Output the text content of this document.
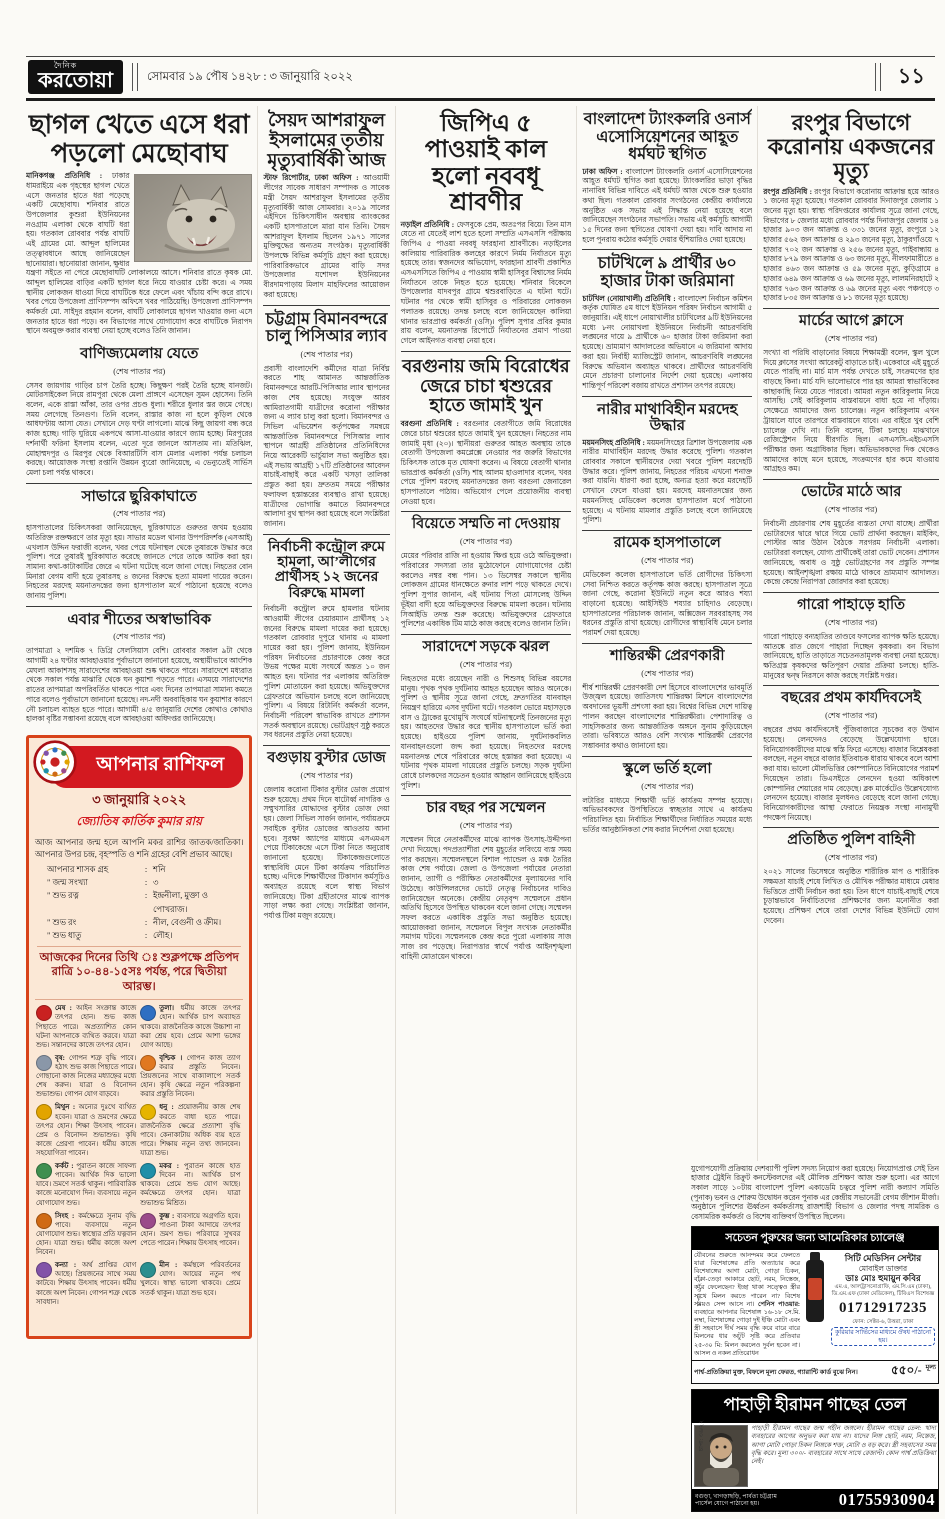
দৈনিক
করতোয়া	সোমবার ১৯ পৌষ ১৪২৮ : ৩ জানুয়ারি ২০২২	১১
ছাগল খেতে এসে ধরা পড়লো মেছোবাঘ
মানিকগঞ্জ প্রতিনিধি : ঢাকার ধামরাইয়ে এক গৃহস্থের ছাগল খেতে এসে জনতার হাতে ধরা পড়েছে একটি মেছোবাঘ। শনিবার রাতে উপজেলার কুশুরা ইউনিয়নের নওগ্রাম এলাকা থেকে বাঘটি ধরা হয়। গতকাল রোববার পর্যন্ত বাঘটি এই গ্রামের মো. আব্দুল হালিমের তত্ত্বাবধানে আছে জানিয়েছেন ছানোয়ারা। ছানোয়ারা জানান, ক্ষুধার যন্ত্রণা সইতে না পেরে মেছোবাঘটি লোকালয়ে আসে। শনিবার রাতে কৃষক মো. আব্দুল হালিমের বাড়ির একটি ছাগল ধরে নিয়ে যাওয়ার চেষ্টা করে। এ সময় স্থানীয় লোকজন ধাওয়া দিয়ে বাঘটিকে ধরে ফেলে এবং খাঁচায় বন্দি করে রাখে। খবর পেয়ে উপজেলা প্রাণিসম্পদ অফিসে খবর পাঠিয়েছি। উপজেলা প্রাণিসম্পদ কর্মকর্তা মো. সাইদুর রহমান বলেন, বাঘটি লোকালয়ে ছাগল খাওয়ার জন্য এসে জনতার হাতে ধরা পড়ে। বন বিভাগের সাথে যোগাযোগ করে বাঘটিকে নিরাপদ স্থানে অবমুক্ত করার ব্যবস্থা নেয়া হচ্ছে বলেও তিনি জানান।
বাণিজ্যমেলায় যেতে
(শেষ পাতার পর)
সেসব জায়গায় গাড়ির চাপ তৈরি হচ্ছে। কিছুক্ষণ পরই তৈরি হচ্ছে যানজট। মোটরসাইকেল নিয়ে রামপুরা থেকে মেলা প্রাঙ্গণে এসেছেন সুমন হোসেন। তিনি বলেন, একে রাস্তা আঁকা, তার ওপর প্রচণ্ড ধুলা। শরীরে ধুলার স্তর জমে গেছে। সময় লেগেছে তিনগুণ। তিনি বলেন, রাস্তার কাজ না হলে কুড়িল থেকে আধঘণ্টায় আসা যেত। সেখানে দেড় ঘণ্টা লাগলো। মাঝে কিছু জায়গা বন্ধ করে কাজ হচ্ছে। গাড়ি ঘুরিয়ে একপথে আসা-যাওয়ার কারণে জ্যাম হচ্ছে। মিরপুরের দর্শনার্থী ফরিনা ইসলাম বলেন, এতো দূরে জানলে আসতাম না। মতিঝিল, মোহাম্মদপুর ও মিরপুর থেকে বিআরটিসি বাস মেলার এলাকা পর্যন্ত চলাচল করছে। আয়োজক সংস্থা রপ্তানি উন্নয়ন ব্যুরো জানিয়েছে, এ ভেন্যুতেই সার্ভিস মেলা চলা পর্যন্ত থাকবে।
সাভারে ছুরিকাঘাতে
(শেষ পাতার পর)
হাসপাতালের চিকিৎসকরা জানিয়েছেন, ছুরিকাঘাতে গুরুতর জখম হওয়ায় অতিরিক্ত রক্তক্ষরণে তার মৃত্যু হয়। সাভার মডেল থানার উপপরিদর্শক (এসআই) এখলাস উদ্দিন ফরাজী বলেন, খবর পেয়ে ঘটনাস্থল থেকে তুষারকে উদ্ধার করে পুলিশ। পরে তুষারই ছুরিকাঘাত করেছে জানতে পেরে তাকে আটক করা হয়। সামান্য কথা-কাটাকাটির জেরে এ ঘটনা ঘটেছে বলে জানা গেছে। নিহতের বোন মিনারা বেগম বাদী হয়ে তুষারসহ ৪ জনের বিরুদ্ধে হত্যা মামলা দায়ের করেন। নিহতের মরদেহ ময়নাতদন্তের জন্য হাসপাতাল মর্গে পাঠানো হয়েছে বলেও জানায় পুলিশ।
এবার শীতের অস্বাভাবিক
(শেষ পাতার পর)
তাপমাত্রা ২ দশমিক ৭ ডিগ্রি সেলসিয়াস বেশি। রোববার সকাল ৯টা থেকে আগামী ২৪ ঘণ্টার আবহাওয়ার পূর্বাভাসে জানানো হয়েছে, অস্থায়ীভাবে আংশিক মেঘলা আকাশসহ সারাদেশের আবহাওয়া শুষ্ক থাকতে পারে। সারাদেশে মধ্যরাত থেকে সকাল পর্যন্ত মাঝারি থেকে ঘন কুয়াশা পড়তে পারে। এসময়ে সারাদেশের রাতের তাপমাত্রা অপরিবর্তিত থাকতে পারে এবং দিনের তাপমাত্রা সামান্য কমতে পারে বলেও পূর্বাভাসে জানানো হয়েছে। নদ-নদী অববাহিকায় ঘন কুয়াশার কারণে নৌ চলাচল ব্যাহত হতে পারে। আগামী ৪/৫ জানুয়ারি দেশের কোথাও কোথাও হালকা বৃষ্টির সম্ভাবনা রয়েছে বলে আবহাওয়া অধিদপ্তর জানিয়েছে।
আপনার রাশিফল
৩ জানুয়ারি ২০২২
জ্যোতিষ কার্তিক কুমার রায়
আজ আপনার জন্ম হলে আপনি মকর রাশির জাতক/জাতিকা। আপনার উপর চন্দ্র, বৃহস্পতি ও শনি গ্রহের বেশি প্রভাব আছে।
আপনার শাসক গ্রহ	: শনি
" জন্ম সংখ্যা	: ৩
" শুভ রত্ন	: ইন্দ্রনীলা, মুক্তা ও পোখরাজ।
" শুভ রং	: নীল, বেগুনী ও ক্রীম।
" শুভ ধাতু	: লৌহ।
আজকের দিনের তিথি ঃ শুক্লপক্ষে প্রতিপদ রাত্রি ১০-৪৪-১৫সঃ পর্যন্ত, পরে দ্বিতীয়া আরম্ভ।
মেষ : আইন সংক্রান্ত কাজে তৎপর হোন। শুভ কাজ পিছাতে পারে। অপ্রত্যাশিত কোন ঘটনা আপনাকে ব্যথিত করবে। যাত্রা শুভ। সন্তানদের কাজে তৎপর হোন।
তুলা। ধর্মীয় কাজে তৎপর হোন। আর্থিক চাপ অব্যাহত থাকবে। রাজনৈতিক কাজে উচ্চাশা না করা শ্রেয় হবে। প্রেমে আশা ভঙ্গের যোগ আছে।
বৃষ: গোপন শত্রু বৃদ্ধি পাবে। হঠাৎ শুভ কাজ পিছাতে পারে। গোছানো কাজ নিজের মধ্যাহ্নের মধ্যে শেষ করুন। যাত্রা ও বিনোদন শুভাশুভ। গোপন যোগ বাড়বে।
বৃশ্চিক । গোপন কাজ ত্যাগ করার প্রস্তুতি নিবেন। প্রিয়জনের সাথে বাক্যালাপে সতর্ক হোন। কৃষি ক্ষেত্রে নতুন পরিকল্পনা করার প্রস্তুতি নিবেন।
মিথুন : অন্যের দুঃখে ব্যথিত হবেন। যাত্রা ও ভ্রমণের ক্ষেত্রে তৎপর হোন। শিক্ষা উৎসাহ পাবেন। প্রেম ও বিনোদন শুভাশুভ। কৃষি কাজে প্রেরণা পাবেন। ধর্মীয় কাজে সহযোগিতা পাবেন।
ধনু : প্রয়োজনীয় কাজ শেষ করতে বাধা হতে পারে। রাজনৈতিক ক্ষেত্রে প্রত্যাশা বৃদ্ধি পাবে। কেনাকাটায় অধিক ব্যয় হতে পারে। শিক্ষায় নতুন তথ্য জানবেন। যাত্রা শুভ।
কর্কট : পুরাতন কাজে সাফল্য পাবেন। আর্থিক দিক ভালো যাবে। ভ্রমণে সতর্ক থাকুন। পারিবারিক কাজে মনোযোগ দিন। ব্যবসায়ে নতুন যোগাযোগ শুভ।
মকর : পুরাতন কাজে হাত দিবেন না। আর্থিক চাপ থাকবে। প্রেমে শুভ যোগ আছে। কর্মক্ষেত্রে তৎপর হোন। যাত্রা শুভাশুভ মিশ্রিত।
সিংহ : কর্মক্ষেত্রে সুনাম বৃদ্ধি পাবে। ব্যবসায়ে নতুন যোগাযোগ শুভ। স্বাস্থ্যের প্রতি যত্নবান হোন। যাত্রা শুভ। ধর্মীয় কাজে অংশ নিবেন।
কুম্ভ : ব্যবসায়ে অগ্রগতি হবে। পাওনা টাকা আদায়ে তৎপর হোন। ভ্রমণ শুভ। পরিবারে সুখবর পেতে পারেন। শিক্ষায় উৎসাহ পাবেন।
কন্যা : অর্থ প্রাপ্তির যোগ আছে। প্রিয়জনের সাথে সময় কাটবে। শিক্ষায় উৎসাহ পাবেন। ধর্মীয় কাজে অংশ নিবেন। গোপন শত্রু থেকে সাবধান।
মীন : কর্মস্থলে পরিবর্তনের যোগ। আয়ের নতুন পথ খুলবে। স্বাস্থ্য ভালো থাকবে। প্রেমে সতর্ক থাকুন। যাত্রা শুভ হবে।
সৈয়দ আশরাফুল ইসলামের তৃতীয় মৃত্যুবার্ষিকী আজ
স্টাফ রিপোর্টার, ঢাকা অফিস : আওয়ামী লীগের সাবেক সাধারণ সম্পাদক ও সাবেক মন্ত্রী সৈয়দ আশরাফুল ইসলামের তৃতীয় মৃত্যুবার্ষিকী আজ সোমবার। ২০১৯ সালের এইদিনে চিকিৎসাধীন অবস্থায় ব্যাংককের একটি হাসপাতালে মারা যান তিনি। সৈয়দ আশরাফুল ইসলাম ছিলেন ১৯৭১ সালের মুক্তিযুদ্ধের অন্যতম সংগঠক। মৃত্যুবার্ষিকী উপলক্ষে বিভিন্ন কর্মসূচি গ্রহণ করা হয়েছে। পারিবারিকভাবে গ্রামের বাড়ি সদর উপজেলার যশোদল ইউনিয়নের বীরদামপাড়ায় মিলাদ মাহফিলের আয়োজন করা হয়েছে।
চট্টগ্রাম বিমানবন্দরে চালু পিসিআর ল্যাব
(শেষ পাতার পর)
প্রবাসী বাংলাদেশি কর্মীদের যাত্রা নির্বিঘ্ন করতে শাহ আমানত আন্তর্জাতিক বিমানবন্দরে আরটি-পিসিআর ল্যাব স্থাপনের কাজ শেষ হয়েছে। সংযুক্ত আরব আমিরাতগামী যাত্রীদের করোনা পরীক্ষার জন্য এ ল্যাব চালু করা হলো। বিমানবন্দর ও সিভিল এভিয়েশন কর্তৃপক্ষের সমন্বয়ে আন্তর্জাতিক বিমানবন্দরে পিসিআর ল্যাব স্থাপনে আগ্রহী প্রতিষ্ঠানের প্রতিনিধিদের নিয়ে আরেকটি ভার্চুয়াল সভা অনুষ্ঠিত হয়। এই সভায় আগ্রহী ১৭টি প্রতিষ্ঠানের আবেদন যাচাই-বাছাই করে একটি খসড়া তালিকা প্রস্তুত করা হয়। দ্রুততম সময়ে পরীক্ষার ফলাফল হস্তান্তরের ব্যবস্থাও রাখা হয়েছে। যাত্রীদের ভোগান্তি কমাতে বিমানবন্দরে আলাদা বুথ স্থাপন করা হয়েছে বলে সংশ্লিষ্টরা জানান।
নির্বাচনী কন্ট্রোল রুমে হামলা, আ’লীগের প্রার্থীসহ ১২ জনের বিরুদ্ধে মামলা
নির্বাচনী কন্ট্রোল রুমে হামলার ঘটনায় আওয়ামী লীগের চেয়ারম্যান প্রার্থীসহ ১২ জনের বিরুদ্ধে মামলা দায়ের করা হয়েছে। গতকাল রোববার দুপুরে থানায় এ মামলা দায়ের করা হয়। পুলিশ জানায়, ইউনিয়ন পরিষদ নির্বাচনের প্রচারণাকে কেন্দ্র করে উভয় পক্ষের মধ্যে সংঘর্ষে অন্তত ১০ জন আহত হন। ঘটনার পর এলাকায় অতিরিক্ত পুলিশ মোতায়েন করা হয়েছে। অভিযুক্তদের গ্রেফতারে অভিযান চলছে বলে জানিয়েছে পুলিশ। এ বিষয়ে রিটার্নিং কর্মকর্তা বলেন, নির্বাচনী পরিবেশ স্বাভাবিক রাখতে প্রশাসন সতর্ক অবস্থানে রয়েছে। ভোটগ্রহণ সুষ্ঠু করতে সব ধরনের প্রস্তুতি নেয়া হয়েছে।
বগুড়ায় বুস্টার ডোজ
(শেষ পাতার পর)
জেলায় করোনা টিকার বুস্টার ডোজ প্রয়োগ শুরু হয়েছে। প্রথম দিনে ষাটোর্ধ্ব নাগরিক ও সম্মুখসারির যোদ্ধাদের বুস্টার ডোজ দেয়া হয়। জেলা সিভিল সার্জন জানান, পর্যায়ক্রমে সবাইকে বুস্টার ডোজের আওতায় আনা হবে। সুরক্ষা অ্যাপের মাধ্যমে এসএমএস পেয়ে টিকাকেন্দ্রে এসে টিকা নিতে অনুরোধ জানানো হয়েছে। টিকাকেন্দ্রগুলোতে স্বাস্থ্যবিধি মেনে টিকা কার্যক্রম পরিচালিত হচ্ছে। এদিকে শিক্ষার্থীদের টিকাদান কর্মসূচিও অব্যাহত রয়েছে বলে স্বাস্থ্য বিভাগ জানিয়েছে। টিকা গ্রহীতাদের মাঝে ব্যাপক সাড়া লক্ষ্য করা গেছে। সংশ্লিষ্টরা জানান, পর্যাপ্ত টিকা মজুদ রয়েছে।
জিপিএ ৫ পাওয়াই কাল হলো নববধূ শ্রাবণীর
নড়াইল প্রতিনিধি : ফেসবুকে প্রেম, অতঃপর বিয়ে। তিন মাস যেতে না যেতেই লাশ হতে হলো সম্প্রতি এসএসসি পরীক্ষায় জিপিএ ৫ পাওয়া নববধূ ফারহানা শ্রাবণীকে। নড়াইলের কালিয়ায় পারিবারিক কলহের কারণে নির্মম নির্যাতনে মৃত্যু হয়েছে তার। স্বজনদের অভিযোগ, ফারহানা শ্রাবণী প্রকাশিত এসএসসিতে জিপিএ ৫ পাওয়ায় স্বামী হাসিবুর বিশ্বাসের নির্মম নির্যাতনে তাকে নিহত হতে হয়েছে। শনিবার বিকেলে উপজেলার যাদবপুর গ্রামে শ্বশুরবাড়িতে এ ঘটনা ঘটে। ঘটনার পর থেকে স্বামী হাসিবুর ও পরিবারের লোকজন পলাতক রয়েছে। তদন্ত চলছে বলে জানিয়েছেন কালিয়া থানার ভারপ্রাপ্ত কর্মকর্তা (ওসি)। পুলিশ সুপার প্রবির কুমার রায় বলেন, ময়নাতদন্ত রিপোর্টে নির্যাতনের প্রমাণ পাওয়া গেলে আইনগত ব্যবস্থা নেয়া হবে।
বরগুনায় জমি বিরোধের জেরে চাচা শ্বশুরের হাতে জামাই খুন
বরগুনা প্রতিনিধি : বরগুনার বেতাগীতে জমি বিরোধের জেরে চাচা শ্বশুরের হাতে জামাই খুন হয়েছেন। নিহতের নাম জামাই মৃধা (২০)। স্থানীয়রা গুরুতর আহত অবস্থায় তাকে বেতাগী উপজেলা কমপ্লেক্সে নেওয়ার পর জরুরি বিভাগের চিকিৎসক তাকে মৃত ঘোষণা করেন। এ বিষয়ে বেতাগী থানার ভারপ্রাপ্ত কর্মকর্তা (ওসি) শাহ আলম হাওলাদার বলেন, খবর পেয়ে পুলিশ মরদেহ ময়নাতদন্তের জন্য বরগুনা জেনারেল হাসপাতালে পাঠায়। অভিযোগ পেলে প্রয়োজনীয় ব্যবস্থা নেওয়া হবে।
বিয়েতে সম্মতি না দেওয়ায়
(শেষ পাতার পর)
মেয়ের পরিবার রাজি না হওয়ায় ক্ষিপ্ত হয়ে ওঠে অভিযুক্তরা। পরিবারের সদস্যরা তার মুঠোফোনে যোগাযোগের চেষ্টা করলেও নম্বর বন্ধ পান। ১৩ ডিসেম্বর সকালে স্থানীয় লোকজন গ্রামের ধানক্ষেতে রুনার লাশ পড়ে থাকতে দেখে। পুলিশ সুপার জানান, এই ঘটনায় পিতা মোসলেহ উদ্দিন ভূঁইয়া বাদী হয়ে অভিযুক্তদের বিরুদ্ধে মামলা করেন। ঘটনায় সিআইডি তদন্ত শুরু করেছে। অভিযুক্তদের গ্রেফতারে পুলিশের একাধিক টিম মাঠে কাজ করছে বলেও জানান তিনি।
সারাদেশে সড়কে ঝরল
(শেষ পাতার পর)
নিহতদের মধ্যে রয়েছেন নারী ও শিশুসহ বিভিন্ন বয়সের মানুষ। পৃথক পৃথক দুর্ঘটনায় আহত হয়েছেন আরও অনেকে। পুলিশ ও স্থানীয় সূত্রে জানা গেছে, দ্রুতগতির যানবাহন নিয়ন্ত্রণ হারিয়ে এসব দুর্ঘটনা ঘটে। গতকাল ভোরে মহাসড়কে বাস ও ট্রাকের মুখোমুখি সংঘর্ষে ঘটনাস্থলেই তিনজনের মৃত্যু হয়। আহতদের উদ্ধার করে স্থানীয় হাসপাতালে ভর্তি করা হয়েছে। হাইওয়ে পুলিশ জানায়, দুর্ঘটনাকবলিত যানবাহনগুলো জব্দ করা হয়েছে। নিহতদের মরদেহ ময়নাতদন্ত শেষে পরিবারের কাছে হস্তান্তর করা হয়েছে। এ ঘটনায় পৃথক মামলা দায়েরের প্রস্তুতি চলছে। সড়ক দুর্ঘটনা রোধে চালকদের সচেতন হওয়ার আহ্বান জানিয়েছে হাইওয়ে পুলিশ।
চার বছর পর সম্মেলন
(শেষ পাতার পর)
সম্মেলন ঘিরে নেতাকর্মীদের মাঝে ব্যাপক উৎসাহ-উদ্দীপনা দেখা দিয়েছে। পদপ্রত্যাশীরা শেষ মুহূর্তের লবিংয়ে ব্যস্ত সময় পার করছেন। সম্মেলনস্থলে বিশাল প্যান্ডেল ও মঞ্চ তৈরির কাজ শেষ পর্যায়ে। জেলা ও উপজেলা পর্যায়ের নেতারা জানান, ত্যাগী ও পরীক্ষিত নেতাকর্মীদের মূল্যায়নের দাবি উঠেছে। কাউন্সিলরদের ভোটে নেতৃত্ব নির্বাচনের দাবিও জানিয়েছেন অনেকে। কেন্দ্রীয় নেতৃবৃন্দ সম্মেলনে প্রধান অতিথি হিসেবে উপস্থিত থাকবেন বলে জানা গেছে। সম্মেলন সফল করতে একাধিক প্রস্তুতি সভা অনুষ্ঠিত হয়েছে। আয়োজকরা জানান, সম্মেলনে বিপুল সংখ্যক নেতাকর্মীর সমাগম ঘটবে। সম্মেলনকে কেন্দ্র করে পুরো এলাকায় সাজ সাজ রব পড়েছে। নিরাপত্তার স্বার্থে পর্যাপ্ত আইনশৃঙ্খলা বাহিনী মোতায়েন থাকবে।
বাংলাদেশ ট্যাংকলরি ওনার্স এসোসিয়েশনের আহূত ধর্মঘট স্থগিত
ঢাকা অফিস : বাংলাদেশ ট্যাংকলরি ওনার্স এসোসিয়েশনের আহূত ধর্মঘট স্থগিত করা হয়েছে। ট্যাংকলরির ভাড়া বৃদ্ধির নানাবিধ বিভিন্ন দাবিতে এই ধর্মঘট আজ থেকে শুরু হওয়ার কথা ছিল। গতকাল রোববার সংগঠনের কেন্দ্রীয় কার্যালয়ে অনুষ্ঠিত এক সভায় এই সিদ্ধান্ত নেয়া হয়েছে বলে জানিয়েছেন সংগঠনের সভাপতি। সভায় এই কর্মসূচি আগামী ১৫ দিনের জন্য স্থগিতের ঘোষণা দেয়া হয়। দাবি আদায় না হলে পুনরায় কঠোর কর্মসূচি দেয়ার হুঁশিয়ারিও দেয়া হয়েছে।
চাটখিলে ৯ প্রার্থীর ৬০ হাজার টাকা জরিমানা
চাটখিল (নোয়াখালী) প্রতিনিধি : বাংলাদেশ নির্বাচন কমিশন কর্তৃক ঘোষিত ৫ম ধাপে ইউনিয়ন পরিষদ নির্বাচন আগামী ৫ জানুয়ারি। এই ধাপে নোয়াখালীর চাটখিলের ৯টি ইউনিয়নের মধ্যে ৮নং নোয়াখলা ইউনিয়নে নির্বাচনী আচরণবিধি লঙ্ঘনের দায়ে ৯ প্রার্থীকে ৬০ হাজার টাকা জরিমানা করা হয়েছে। ভ্রাম্যমাণ আদালতের অভিযানে এ জরিমানা আদায় করা হয়। নির্বাহী ম্যাজিস্ট্রেট জানান, আচরণবিধি লঙ্ঘনের বিরুদ্ধে অভিযান অব্যাহত থাকবে। প্রার্থীদের আচরণবিধি মেনে প্রচারণা চালানোর নির্দেশ দেয়া হয়েছে। এলাকায় শান্তিপূর্ণ পরিবেশ বজায় রাখতে প্রশাসন তৎপর রয়েছে।
নারীর মাথাবিহীন মরদেহ উদ্ধার
ময়মনসিংহ প্রতিনিধি : ময়মনসিংহের ত্রিশাল উপজেলায় এক নারীর মাথাবিহীন মরদেহ উদ্ধার করেছে পুলিশ। গতকাল রোববার সকালে স্থানীয়দের দেয়া খবরে পুলিশ মরদেহটি উদ্ধার করে। পুলিশ জানায়, নিহতের পরিচয় এখনো শনাক্ত করা যায়নি। ধারণা করা হচ্ছে, অন্যত্র হত্যা করে মরদেহটি সেখানে ফেলে যাওয়া হয়। মরদেহ ময়নাতদন্তের জন্য ময়মনসিংহ মেডিকেল কলেজ হাসপাতাল মর্গে পাঠানো হয়েছে। এ ঘটনায় মামলার প্রস্তুতি চলছে বলে জানিয়েছে পুলিশ।
রামেক হাসপাতালে
(শেষ পাতার পর)
মেডিকেল কলেজ হাসপাতালে ভর্তি রোগীদের চিকিৎসা সেবা নিশ্চিত করতে কর্তৃপক্ষ কাজ করছে। হাসপাতাল সূত্রে জানা গেছে, করোনা ইউনিটে নতুন করে আরও শয্যা বাড়ানো হয়েছে। আইসিইউ শয্যার চাহিদাও বেড়েছে। হাসপাতালের পরিচালক জানান, অক্সিজেন সরবরাহসহ সব ধরনের প্রস্তুতি রাখা হয়েছে। রোগীদের স্বাস্থ্যবিধি মেনে চলার পরামর্শ দেয়া হয়েছে।
শান্তিরক্ষী প্রেরণকারী
(শেষ পাতার পর)
শীর্ষ শান্তিরক্ষী প্রেরণকারী দেশ হিসেবে বাংলাদেশের ভাবমূর্তি উজ্জ্বল হয়েছে। জাতিসংঘ শান্তিরক্ষা মিশনে বাংলাদেশের অবদানের ভূয়সী প্রশংসা করা হয়। বিশ্বের বিভিন্ন দেশে দায়িত্ব পালন করছেন বাংলাদেশের শান্তিরক্ষীরা। পেশাদারিত্ব ও সাহসিকতার জন্য আন্তর্জাতিক অঙ্গনে সুনাম কুড়িয়েছেন তারা। ভবিষ্যতে আরও বেশি সংখ্যক শান্তিরক্ষী প্রেরণের সম্ভাবনার কথাও জানানো হয়।
স্কুলে ভর্তি হলো
(শেষ পাতার পর)
লটারির মাধ্যমে শিক্ষার্থী ভর্তি কার্যক্রম সম্পন্ন হয়েছে। অভিভাবকদের উপস্থিতিতে স্বচ্ছতার সাথে এ কার্যক্রম পরিচালিত হয়। নির্বাচিত শিক্ষার্থীদের নির্ধারিত সময়ের মধ্যে ভর্তির আনুষ্ঠানিকতা শেষ করার নির্দেশনা দেয়া হয়েছে।
রংপুর বিভাগে করোনায় একজনের মৃত্যু
রংপুর প্রতিনিধি : রংপুর বিভাগে করোনায় আক্রান্ত হয়ে আরও ১ জনের মৃত্যু হয়েছে। গতকাল রোববার দিনাজপুর জেলায় ১ জনের মৃত্যু হয়। স্বাস্থ্য পরিদপ্তরের কার্যালয় সূত্রে জানা গেছে, বিভাগের ৮ জেলার মধ্যে রোববার পর্যন্ত দিনাজপুর জেলায় ১৪ হাজার ৯০৩ জন আক্রান্ত ও ৩৩১ জনের মৃত্যু, রংপুরে ১২ হাজার ৫৬২ জন আক্রান্ত ও ২৯৩ জনের মৃত্যু, ঠাকুরগাঁওয়ে ৭ হাজার ৭০২ জন আক্রান্ত ও ২৫৬ জনের মৃত্যু, গাইবান্ধায় ৪ হাজার ৮৭৯ জন আক্রান্ত ও ৬৩ জনের মৃত্যু, নীলফামারীতে ৪ হাজার ৪৬৩ জন আক্রান্ত ও ৫৯ জনের মৃত্যু, কুড়িগ্রামে ৪ হাজার ৬৪৯ জন আক্রান্ত ও ৬৯ জনের মৃত্যু, লালমনিরহাটে ২ হাজার ৭৬৩ জন আক্রান্ত ও ৬৯ জনের মৃত্যু এবং পঞ্চগড়ে ৩ হাজার ৮৩৫ জন আক্রান্ত ও ৮১ জনের মৃত্যু হয়েছে।
মার্চের আগে ক্লাসে
(শেষ পাতার পর)
সংখ্যা বা পরিধি বাড়ানোর বিষয়ে শিক্ষামন্ত্রী বলেন, স্কুল খুলে দিয়ে ক্লাসের সংখ্যা আরেকটু বাড়াতে চাই। একেবারে এই মুহূর্তে যেতে পারছি না। মার্চ মাস পর্যন্ত দেখতে চাই, সংক্রমণের হার বাড়ছে কিনা। মার্চ যদি ভালোভাবে পার হয় আমরা স্বাভাবিকের কাছাকাছি নিয়ে যেতে পারবো। আমরা নতুন কারিকুলাম নিয়ে আসছি। সেই কারিকুলাম বাস্তবায়নে বাধা হয়ে না দাঁড়ায়। সেক্ষেত্রে আমাদের জন্য চ্যালেঞ্জ। নতুন কারিকুলাম এখন ট্রায়ালে যাবে তারপরে বাস্তবায়নে যাবে। এর বাইরে খুব বেশি চ্যালেঞ্জ দেখি না। তিনি বলেন, টিকা চলছে। মাঝখানে রেজিস্ট্রেশন নিয়ে ধীরগতি ছিল। এসএসসি-এইচএসসি পরীক্ষার জন্য অগ্রাধিকার ছিল। অভিভাবকদের দিক থেকেও আমাদের কাছে মনে হয়েছে, সংক্রমণের হার কমে যাওয়ায় আগ্রহও কম।
ভোটের মাঠে আর
(শেষ পাতার পর)
নির্বাচনী প্রচারণায় শেষ মুহূর্তের ব্যস্ততা দেখা যাচ্ছে। প্রার্থীরা ভোটারদের দ্বারে দ্বারে গিয়ে ভোট প্রার্থনা করছেন। মাইকিং, পোস্টার আর উঠান বৈঠকে সরগরম নির্বাচনী এলাকা। ভোটাররা বলছেন, যোগ্য প্রার্থীকেই তারা ভোট দেবেন। প্রশাসন জানিয়েছে, অবাধ ও সুষ্ঠু ভোটগ্রহণের সব প্রস্তুতি সম্পন্ন হয়েছে। আইনশৃঙ্খলা রক্ষায় মাঠে থাকবে ভ্রাম্যমাণ আদালত। কেন্দ্রে কেন্দ্রে নিরাপত্তা জোরদার করা হয়েছে।
গারো পাহাড়ে হাতি
(শেষ পাতার পর)
গারো পাহাড়ে বন্যহাতির তাণ্ডবে ফসলের ব্যাপক ক্ষতি হয়েছে। আতঙ্কে রাত জেগে পাহারা দিচ্ছেন কৃষকরা। বন বিভাগ জানিয়েছে, হাতি তাড়াতে সচেতনতামূলক ব্যবস্থা নেয়া হয়েছে। ক্ষতিগ্রস্ত কৃষকদের ক্ষতিপূরণ দেয়ার প্রক্রিয়া চলছে। হাতি-মানুষের দ্বন্দ্ব নিরসনে কাজ করছে সংশ্লিষ্ট দপ্তর।
বছরের প্রথম কার্যদিবসেই
(শেষ পাতার পর)
বছরের প্রথম কার্যদিবসেই পুঁজিবাজারে সূচকের বড় উত্থান হয়েছে। লেনদেনও বেড়েছে উল্লেখযোগ্য হারে। বিনিয়োগকারীদের মাঝে স্বস্তি ফিরে এসেছে। বাজার বিশ্লেষকরা বলছেন, নতুন বছরে বাজার ইতিবাচক ধারায় থাকবে বলে আশা করা যায়। ভালো মৌলভিত্তির কোম্পানিতে বিনিয়োগের পরামর্শ দিয়েছেন তারা। ডিএসইতে লেনদেন হওয়া অধিকাংশ কোম্পানির শেয়ারের দাম বেড়েছে। ব্লক মার্কেটেও উল্লেখযোগ্য লেনদেন হয়েছে। বাজার মূলধনও বেড়েছে বলে জানা গেছে। বিনিয়োগকারীদের আস্থা ফেরাতে নিয়ন্ত্রক সংস্থা নানামুখী পদক্ষেপ নিয়েছে।
প্রতিষ্ঠিত পুলিশ বাহিনী
(শেষ পাতার পর)
২০২১ সালের ডিসেম্বরে অনুষ্ঠিত শারীরিক মাপ ও শারীরিক সক্ষমতা যাচাই শেষে লিখিত ও মৌখিক পরীক্ষার মাধ্যমে মেধার ভিত্তিতে প্রার্থী নির্বাচন করা হয়। তিন ধাপে যাচাই-বাছাই শেষে চূড়ান্তভাবে নির্বাচিতদের প্রশিক্ষণের জন্য মনোনীত করা হয়েছে। প্রশিক্ষণ শেষে তারা দেশের বিভিন্ন ইউনিটে যোগ দেবেন।
যুগোপযোগী প্রক্রিয়ায় দেশব্যাপী পুলিশ সদস্য নিয়োগ করা হয়েছে। নিয়োগপ্রাপ্ত সেই তিন হাজার ট্রেইনি রিক্রুট কনস্টেবলদের এই মৌলিক প্রশিক্ষণ আজ শুরু হলো। এর আগে সকাল সাড়ে ১০টায় বাংলাদেশ পুলিশ একাডেমি চত্বরে পুলিশ নারী কল্যাণ সমিতি (পুনাক) ভবন ও শোরুম উদ্বোধন করেন পুনাক এর কেন্দ্রীয় সভানেত্রী বেগম জীশান মীর্জা। অনুষ্ঠানে পুলিশের ঊর্ধ্বতন কর্মকর্তাসহ রাজশাহী বিভাগ ও জেলার পদস্থ সামরিক ও বেসামরিক কর্মকর্তা ও বিশেষ ব্যক্তিবর্গ উপস্থিত ছিলেন।
চাপা: ৫/২২
সচেতন পুরুষের জন্য আমেরিকার চ্যালেঞ্জ
যৌবনের শুরুতে আনন্দময় করে ফেলতে যারা বিশেষাঙ্গের প্রতি অত্যাচার করে বিশেষাঙ্গের আগা মোটা, গোড়া চিকন, বাঁকা-তেড়া আকারে ছোট, নরম, নিস্তেজ, করে ফেলেছেন? ইচ্ছা থাকা সত্ত্বেও স্ত্রীর সাথে মিলন করতে পারেন না? বিশেষ সময়ও সেন্স আসে না। পেনিস পাওয়ার: ব্যবহারে আপনার বিশেষাঙ্গ ১৬-১৮ সে.মি. লম্বা, বিশেষাঙ্গের গোড়া দুই ইঞ্চি মোটা এবং স্ত্রী সহবাসে দীর্ঘ সময় বৃদ্ধি করে বারে বারে মিলনের ধার অটুট সৃষ্টি করে প্রতিবার ২৫-৩০ মি: মিলন করলেও দুর্বল হবেন না। আসল ও নকল প্রতিরোধন
সিটি মেডিসিন সেন্টার
মোবাইল ডাক্তার
ডাঃ মোঃ হুমায়ুন কবির
এম.এ, আলট্রাসনোগ্রাফি, এম.সি.এম (ঢাকা), ডি.এম.এফ (ঢাকা মেডিকেল), টিবিএস বিশেষজ্ঞ
01712917235
ফোন: সেক্টর-৬, উত্তরা, ঢাকা
কুরিয়ার সার্ভিসের মাধ্যমে ঔষধ পাঠানো হয়।
পার্শ্ব-প্রতিক্রিয়া মুক্ত, বিফলে মূল্য ফেরত, গ্যারান্টি কার্ড বুঝে নিন।	৫৫০/- মূল্য
চাপা: ৩৬/২২
পাহাড়ী হীরামন গাছের তেল
পাহাড়ী হীরামন গাছের জন্ম গহীন জঙ্গলে। হীরামন গাছের তেল: খাদ্য ব্যবহারের আগের অনুভব করা যায় না। যাদের লিঙ্গ ছোট, নরম, নিস্তেজ, আগা মোটা গোড়া চিকন লিঙ্গকে শক্ত, মোটা ও বড় করে। স্ত্রী সহবাসের সময় বৃদ্ধি করে। মূল্য ৩০০/- ব্যবহারের সাথে সাথে রেজাল্ট। কোন পার্শ্ব প্রতিক্রিয়া নেই।
বগুড়া, খাগড়াছড়ি, পার্বত্য চট্টগ্রাম পার্সেল যোগে পাঠানো হয়।	01755930904
